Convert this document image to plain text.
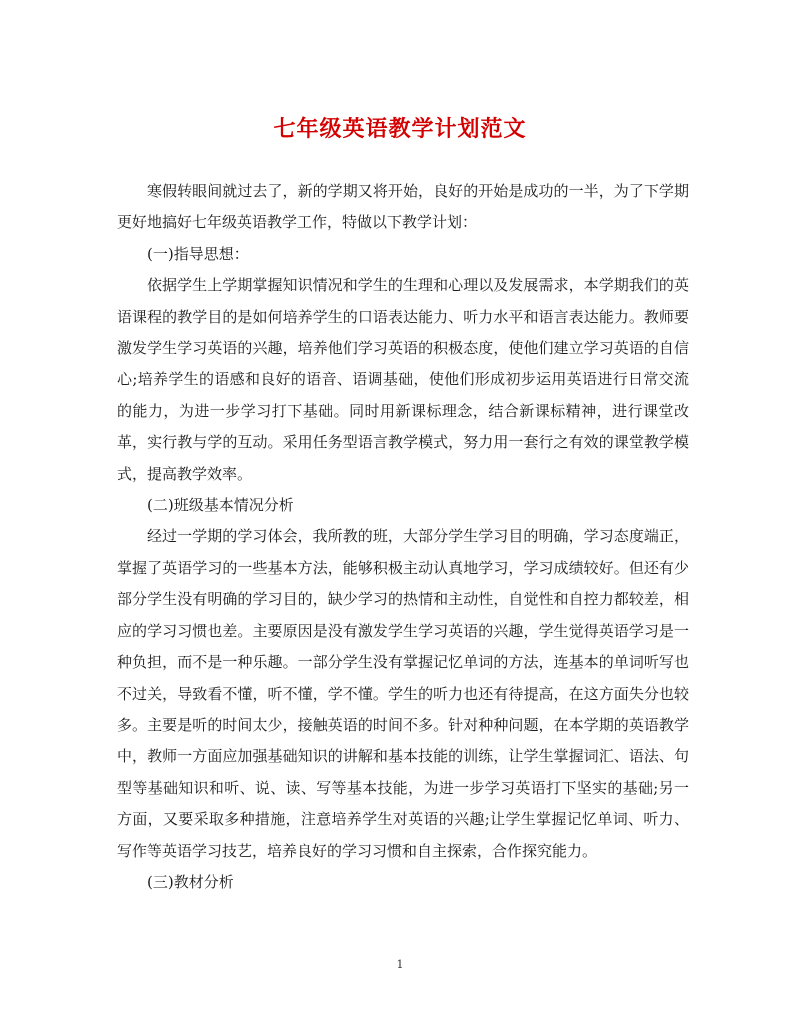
七年级英语教学计划范文

寒假转眼间就过去了，新的学期又将开始，良好的开始是成功的一半，为了下学期更好地搞好七年级英语教学工作，特做以下教学计划：

(一)指导思想：

依据学生上学期掌握知识情况和学生的生理和心理以及发展需求，本学期我们的英语课程的教学目的是如何培养学生的口语表达能力、听力水平和语言表达能力。教师要激发学生学习英语的兴趣，培养他们学习英语的积极态度，使他们建立学习英语的自信心;培养学生的语感和良好的语音、语调基础，使他们形成初步运用英语进行日常交流的能力，为进一步学习打下基础。同时用新课标理念，结合新课标精神，进行课堂改革，实行教与学的互动。采用任务型语言教学模式，努力用一套行之有效的课堂教学模式，提高教学效率。

(二)班级基本情况分析

经过一学期的学习体会，我所教的班，大部分学生学习目的明确，学习态度端正，掌握了英语学习的一些基本方法，能够积极主动认真地学习，学习成绩较好。但还有少部分学生没有明确的学习目的，缺少学习的热情和主动性，自觉性和自控力都较差，相应的学习习惯也差。主要原因是没有激发学生学习英语的兴趣，学生觉得英语学习是一种负担，而不是一种乐趣。一部分学生没有掌握记忆单词的方法，连基本的单词听写也不过关，导致看不懂，听不懂，学不懂。学生的听力也还有待提高，在这方面失分也较多。主要是听的时间太少，接触英语的时间不多。针对种种问题，在本学期的英语教学中，教师一方面应加强基础知识的讲解和基本技能的训练，让学生掌握词汇、语法、句型等基础知识和听、说、读、写等基本技能，为进一步学习英语打下坚实的基础;另一方面，又要采取多种措施，注意培养学生对英语的兴趣;让学生掌握记忆单词、听力、写作等英语学习技艺，培养良好的学习习惯和自主探索，合作探究能力。

(三)教材分析

1
